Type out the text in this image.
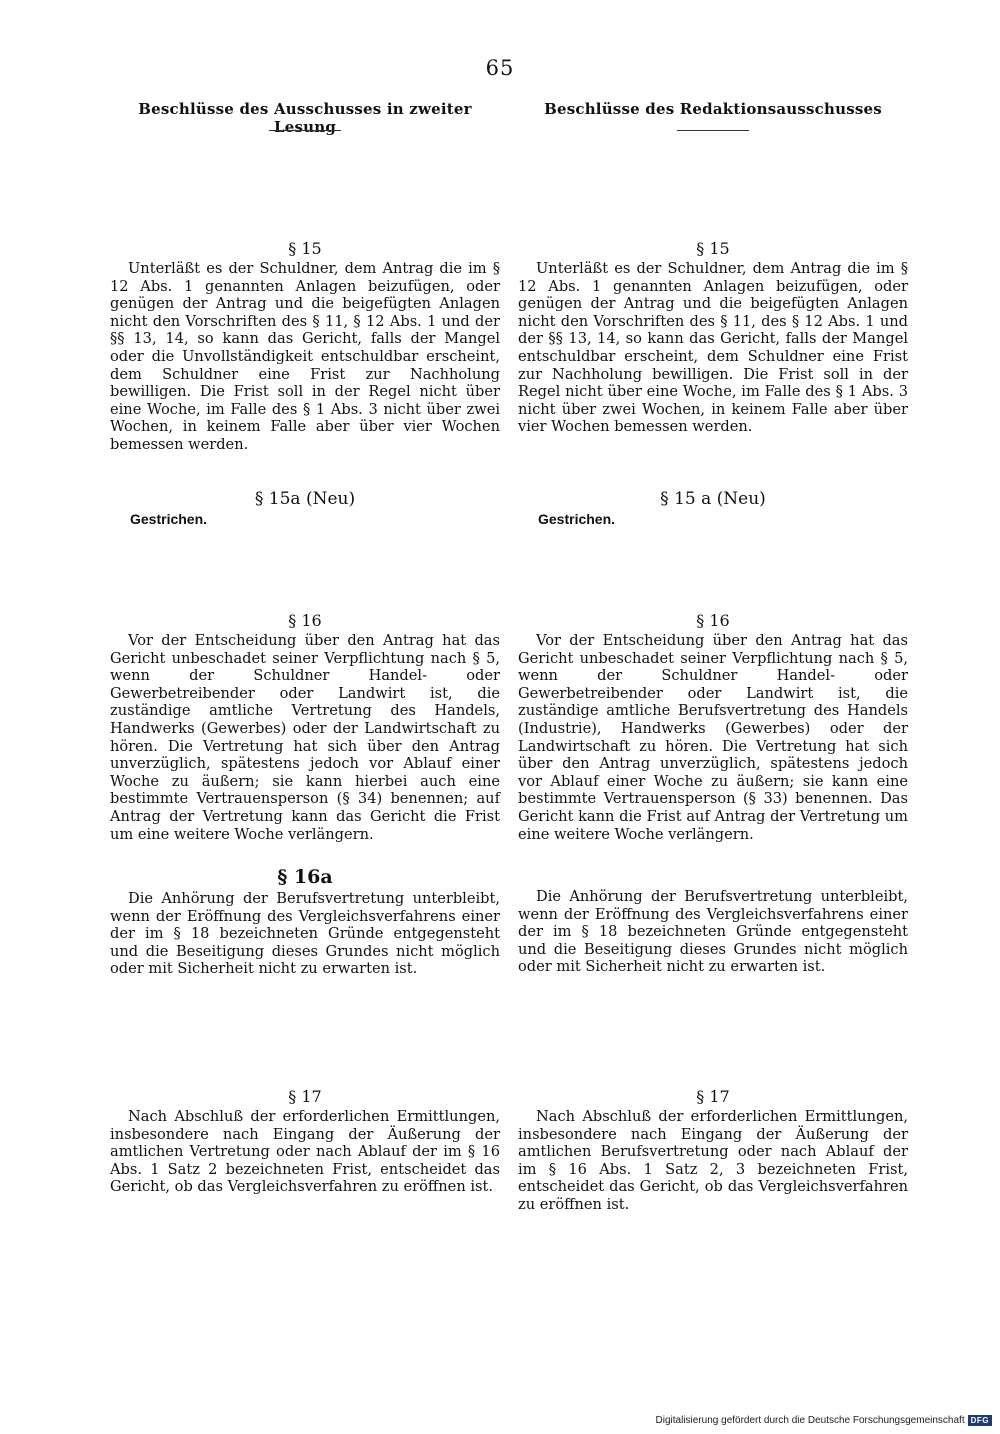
65
Beschlüsse des Ausschusses in zweiter Lesung
§ 15

Unterläßt es der Schuldner, dem Antrag die im § 12 Abs. 1 genannten Anlagen beizufügen, oder genügen der Antrag und die beigefügten Anlagen nicht den Vorschriften des § 11, § 12 Abs. 1 und der §§ 13, 14, so kann das Gericht, falls der Mangel oder die Unvollständigkeit entschuldbar erscheint, dem Schuldner eine Frist zur Nachholung bewilligen. Die Frist soll in der Regel nicht über eine Woche, im Falle des § 1 Abs. 3 nicht über zwei Wochen, in keinem Falle aber über vier Wochen bemessen werden.

§ 15a (Neu)

Gestrichen.

§ 16

Vor der Entscheidung über den Antrag hat das Gericht unbeschadet seiner Verpflichtung nach § 5, wenn der Schuldner Handel- oder Gewerbetreibender oder Landwirt ist, die zuständige amtliche Vertretung des Handels, Handwerks (Gewerbes) oder der Landwirtschaft zu hören. Die Vertretung hat sich über den Antrag unverzüglich, spätestens jedoch vor Ablauf einer Woche zu äußern; sie kann hierbei auch eine bestimmte Vertrauensperson (§ 34) benennen; auf Antrag der Vertretung kann das Gericht die Frist um eine weitere Woche verlängern.

§ 16a

Die Anhörung der Berufsvertretung unterbleibt, wenn der Eröffnung des Vergleichsverfahrens einer der im § 18 bezeichneten Gründe entgegensteht und die Beseitigung dieses Grundes nicht möglich oder mit Sicherheit nicht zu erwarten ist.

§ 17

Nach Abschluß der erforderlichen Ermittlungen, insbesondere nach Eingang der Äußerung der amtlichen Vertretung oder nach Ablauf der im § 16 Abs. 1 Satz 2 bezeichneten Frist, entscheidet das Gericht, ob das Vergleichsverfahren zu eröffnen ist.

Beschlüsse des Redaktionsausschusses
§ 15

Unterläßt es der Schuldner, dem Antrag die im § 12 Abs. 1 genannten Anlagen beizufügen, oder genügen der Antrag und die beigefügten Anlagen nicht den Vorschriften des § 11, des § 12 Abs. 1 und der §§ 13, 14, so kann das Gericht, falls der Mangel entschuldbar erscheint, dem Schuldner eine Frist zur Nachholung bewilligen. Die Frist soll in der Regel nicht über eine Woche, im Falle des § 1 Abs. 3 nicht über zwei Wochen, in keinem Falle aber über vier Wochen bemessen werden.

§ 15 a (Neu)

Gestrichen.

§ 16

Vor der Entscheidung über den Antrag hat das Gericht unbeschadet seiner Verpflichtung nach § 5, wenn der Schuldner Handel- oder Gewerbetreibender oder Landwirt ist, die zuständige amtliche Berufsvertretung des Handels (Industrie), Handwerks (Gewerbes) oder der Landwirtschaft zu hören. Die Vertretung hat sich über den Antrag unverzüglich, spätestens jedoch vor Ablauf einer Woche zu äußern; sie kann eine bestimmte Vertrauensperson (§ 33) benennen. Das Gericht kann die Frist auf Antrag der Vertretung um eine weitere Woche verlängern.

Die Anhörung der Berufsvertretung unterbleibt, wenn der Eröffnung des Vergleichsverfahrens einer der im § 18 bezeichneten Gründe entgegensteht und die Beseitigung dieses Grundes nicht möglich oder mit Sicherheit nicht zu erwarten ist.

§ 17

Nach Abschluß der erforderlichen Ermittlungen, insbesondere nach Eingang der Äußerung der amtlichen Berufsvertretung oder nach Ablauf der im § 16 Abs. 1 Satz 2, 3 bezeichneten Frist, entscheidet das Gericht, ob das Vergleichsverfahren zu eröffnen ist.

Digitalisierung gefördert durch die Deutsche Forschungsgemeinschaft DFG
